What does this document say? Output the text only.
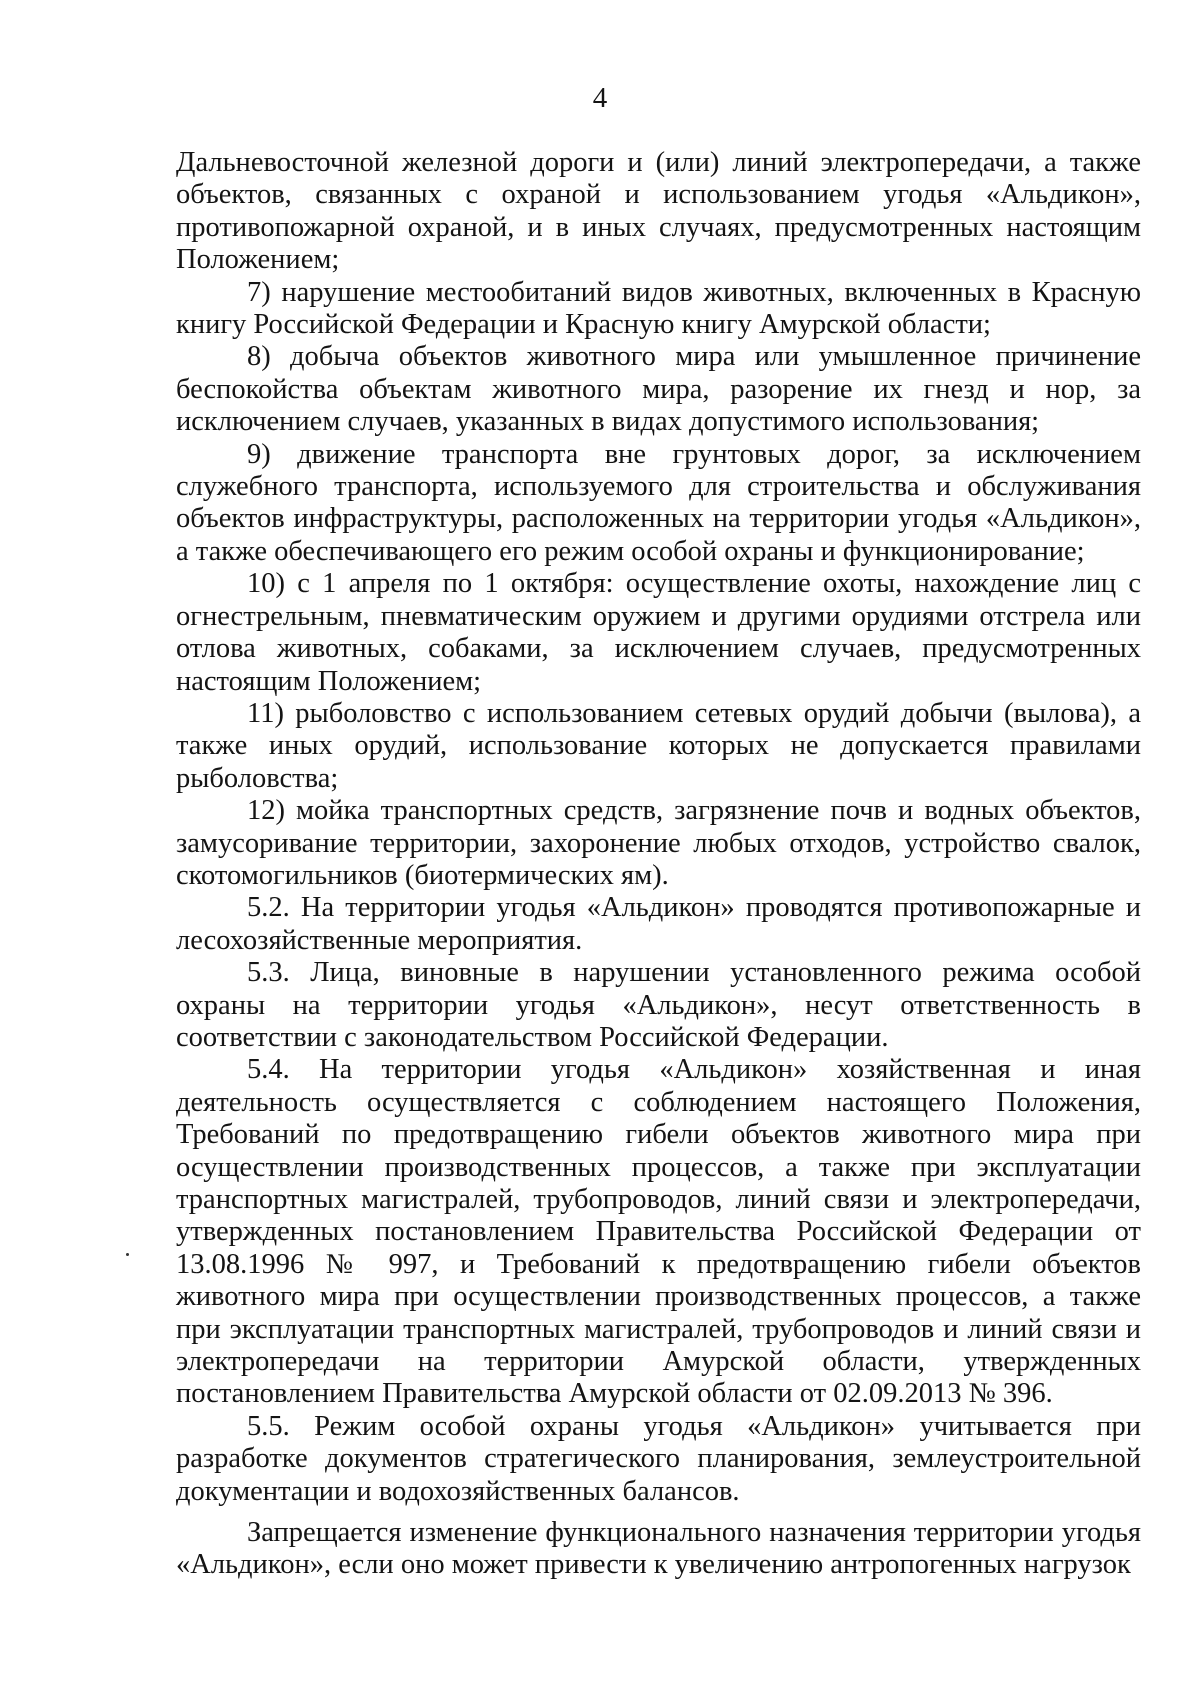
4

Дальневосточной железной дороги и (или) линий электропередачи, а также объектов, связанных с охраной и использованием угодья «Альдикон», противопожарной охраной, и в иных случаях, предусмотренных настоящим Положением;

7) нарушение местообитаний видов животных, включенных в Красную книгу Российской Федерации и Красную книгу Амурской области;

8) добыча объектов животного мира или умышленное причинение беспокойства объектам животного мира, разорение их гнезд и нор, за исключением случаев, указанных в видах допустимого использования;

9) движение транспорта вне грунтовых дорог, за исключением служебного транспорта, используемого для строительства и обслуживания объектов инфраструктуры, расположенных на территории угодья «Альдикон», а также обеспечивающего его режим особой охраны и функционирование;

10) с 1 апреля по 1 октября: осуществление охоты, нахождение лиц с огнестрельным, пневматическим оружием и другими орудиями отстрела или отлова животных, собаками, за исключением случаев, предусмотренных настоящим Положением;

11) рыболовство с использованием сетевых орудий добычи (вылова), а также иных орудий, использование которых не допускается правилами рыболовства;

12) мойка транспортных средств, загрязнение почв и водных объектов, замусоривание территории, захоронение любых отходов, устройство свалок, скотомогильников (биотермических ям).

5.2. На территории угодья «Альдикон» проводятся противопожарные и лесохозяйственные мероприятия.

5.3. Лица, виновные в нарушении установленного режима особой охраны на территории угодья «Альдикон», несут ответственность в соответствии с законодательством Российской Федерации.

5.4. На территории угодья «Альдикон» хозяйственная и иная деятельность осуществляется с соблюдением настоящего Положения, Требований по предотвращению гибели объектов животного мира при осуществлении производственных процессов, а также при эксплуатации транспортных магистралей, трубопроводов, линий связи и электропередачи, утвержденных постановлением Правительства Российской Федерации от 13.08.1996 № 997, и Требований к предотвращению гибели объектов животного мира при осуществлении производственных процессов, а также при эксплуатации транспортных магистралей, трубопроводов и линий связи и электропередачи на территории Амурской области, утвержденных постановлением Правительства Амурской области от 02.09.2013 № 396.

5.5. Режим особой охраны угодья «Альдикон» учитывается при разработке документов стратегического планирования, землеустроительной документации и водохозяйственных балансов.

Запрещается изменение функционального назначения территории угодья «Альдикон», если оно может привести к увеличению антропогенных нагрузок
